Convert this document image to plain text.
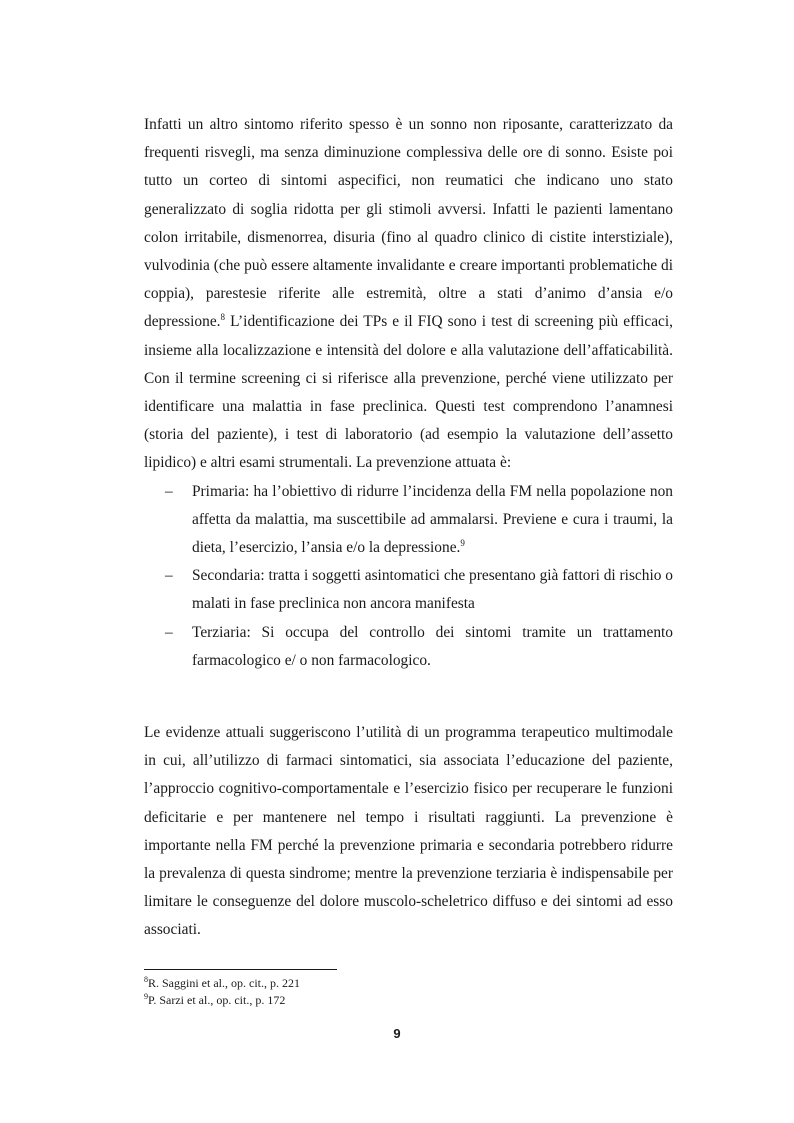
Infatti un altro sintomo riferito spesso è un sonno non riposante, caratterizzato da frequenti risvegli, ma senza diminuzione complessiva delle ore di sonno. Esiste poi tutto un corteo di sintomi aspecifici, non reumatici che indicano uno stato generalizzato di soglia ridotta per gli stimoli avversi. Infatti le pazienti lamentano colon irritabile, dismenorrea, disuria (fino al quadro clinico di cistite interstiziale), vulvodinia (che può essere altamente invalidante e creare importanti problematiche di coppia), parestesie riferite alle estremità, oltre a stati d’animo d’ansia e/o depressione.$^8$ L’identificazione dei TPs e il FIQ sono i test di screening più efficaci, insieme alla localizzazione e intensità del dolore e alla valutazione dell’affaticabilità. Con il termine screening ci si riferisce alla prevenzione, perché viene utilizzato per identificare una malattia in fase preclinica. Questi test comprendono l’anamnesi (storia del paziente), i test di laboratorio (ad esempio la valutazione dell’assetto lipidico) e altri esami strumentali. La prevenzione attuata è:

– Primaria: ha l’obiettivo di ridurre l’incidenza della FM nella popolazione non affetta da malattia, ma suscettibile ad ammalarsi. Previene e cura i traumi, la dieta, l’esercizio, l’ansia e/o la depressione.$^9$
– Secondaria: tratta i soggetti asintomatici che presentano già fattori di rischio o malati in fase preclinica non ancora manifesta
– Terziaria: Si occupa del controllo dei sintomi tramite un trattamento farmacologico e/ o non farmacologico.

Le evidenze attuali suggeriscono l’utilità di un programma terapeutico multimodale in cui, all’utilizzo di farmaci sintomatici, sia associata l’educazione del paziente, l’approccio cognitivo-comportamentale e l’esercizio fisico per recuperare le funzioni deficitarie e per mantenere nel tempo i risultati raggiunti. La prevenzione è importante nella FM perché la prevenzione primaria e secondaria potrebbero ridurre la prevalenza di questa sindrome; mentre la prevenzione terziaria è indispensabile per limitare le conseguenze del dolore muscolo-scheletrico diffuso e dei sintomi ad esso associati.

$^8$R. Saggini et al., op. cit., p. 221
$^9$P. Sarzi et al., op. cit., p. 172
9
